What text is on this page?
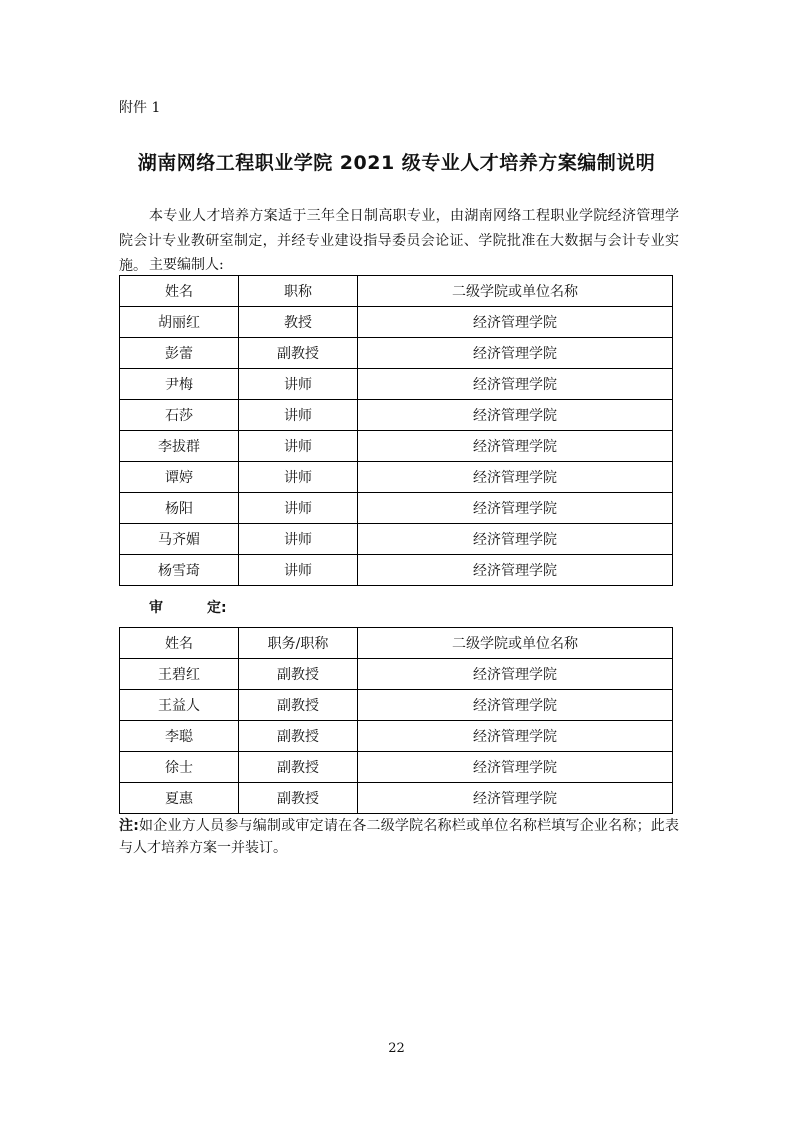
附件 1
湖南网络工程职业学院 2021 级专业人才培养方案编制说明
本专业人才培养方案适于三年全日制高职专业，由湖南网络工程职业学院经济管理学院会计专业教研室制定，并经专业建设指导委员会论证、学院批准在大数据与会计专业实施。 主要编制人:
姓名	职称	二级学院或单位名称
胡丽红	教授	经济管理学院
彭蕾	副教授	经济管理学院
尹梅	讲师	经济管理学院
石莎	讲师	经济管理学院
李拔群	讲师	经济管理学院
谭婷	讲师	经济管理学院
杨阳	讲师	经济管理学院
马齐媚	讲师	经济管理学院
杨雪琦	讲师	经济管理学院
审	定:
姓名	职务/职称	二级学院或单位名称
王碧红	副教授	经济管理学院
王益人	副教授	经济管理学院
李聪	副教授	经济管理学院
徐士	副教授	经济管理学院
夏惠	副教授	经济管理学院
注:如企业方人员参与编制或审定请在各二级学院名称栏或单位名称栏填写企业名称；此表与人才培养方案一并装订。
22
